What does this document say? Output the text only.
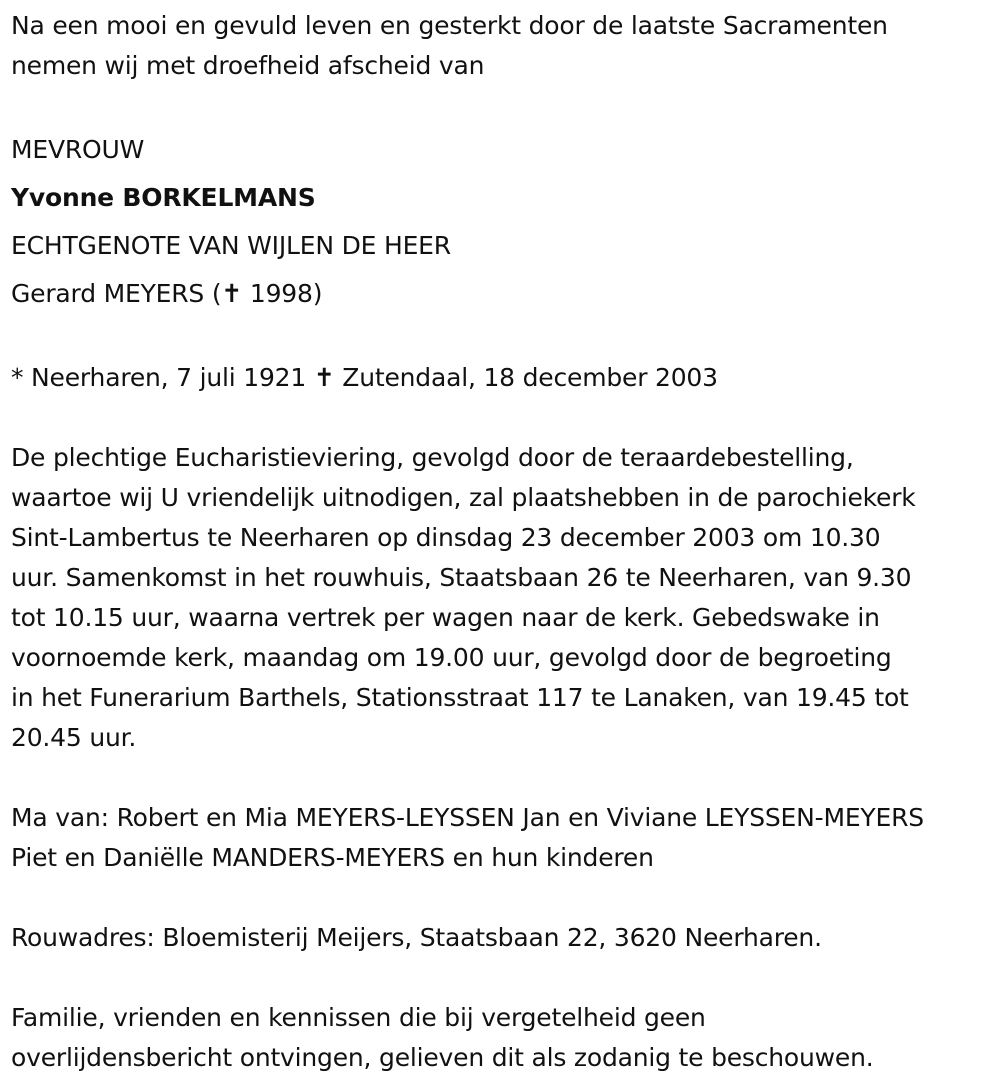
Na een mooi en gevuld leven en gesterkt door de laatste Sacramenten

nemen wij met droefheid afscheid van

MEVROUW

Yvonne BORKELMANS

ECHTGENOTE VAN WIJLEN DE HEER

Gerard MEYERS (✝ 1998)

* Neerharen, 7 juli 1921 ✝ Zutendaal, 18 december 2003

De plechtige Eucharistieviering, gevolgd door de teraardebestelling,

waartoe wij U vriendelijk uitnodigen, zal plaatshebben in de parochiekerk

Sint-Lambertus te Neerharen op dinsdag 23 december 2003 om 10.30

uur. Samenkomst in het rouwhuis, Staatsbaan 26 te Neerharen, van 9.30

tot 10.15 uur, waarna vertrek per wagen naar de kerk. Gebedswake in

voornoemde kerk, maandag om 19.00 uur, gevolgd door de begroeting

in het Funerarium Barthels, Stationsstraat 117 te Lanaken, van 19.45 tot

20.45 uur.

Ma van: Robert en Mia MEYERS-LEYSSEN Jan en Viviane LEYSSEN-MEYERS

Piet en Daniëlle MANDERS-MEYERS en hun kinderen

Rouwadres: Bloemisterij Meijers, Staatsbaan 22, 3620 Neerharen.

Familie, vrienden en kennissen die bij vergetelheid geen

overlijdensbericht ontvingen, gelieven dit als zodanig te beschouwen.
